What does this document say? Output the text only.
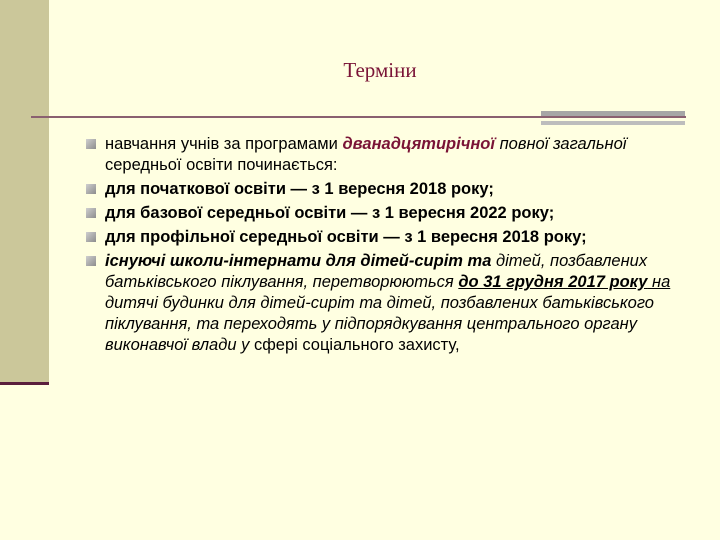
Терміни
навчання учнів за програмами дванадцятирічної повної загальної середньої освіти починається:
для початкової освіти — з 1 вересня 2018 року;
для базової середньої освіти — з 1 вересня 2022 року;
для профільної середньої освіти — з 1 вересня 2018 року;
існуючі школи-інтернати для дітей-сиріт та дітей, позбавлених батьківського піклування, перетворюються до 31 грудня 2017 року на дитячі будинки для дітей-сиріт та дітей, позбавлених батьківського піклування, та переходять у підпорядкування центрального органу виконавчої влади у сфері соціального захисту,
